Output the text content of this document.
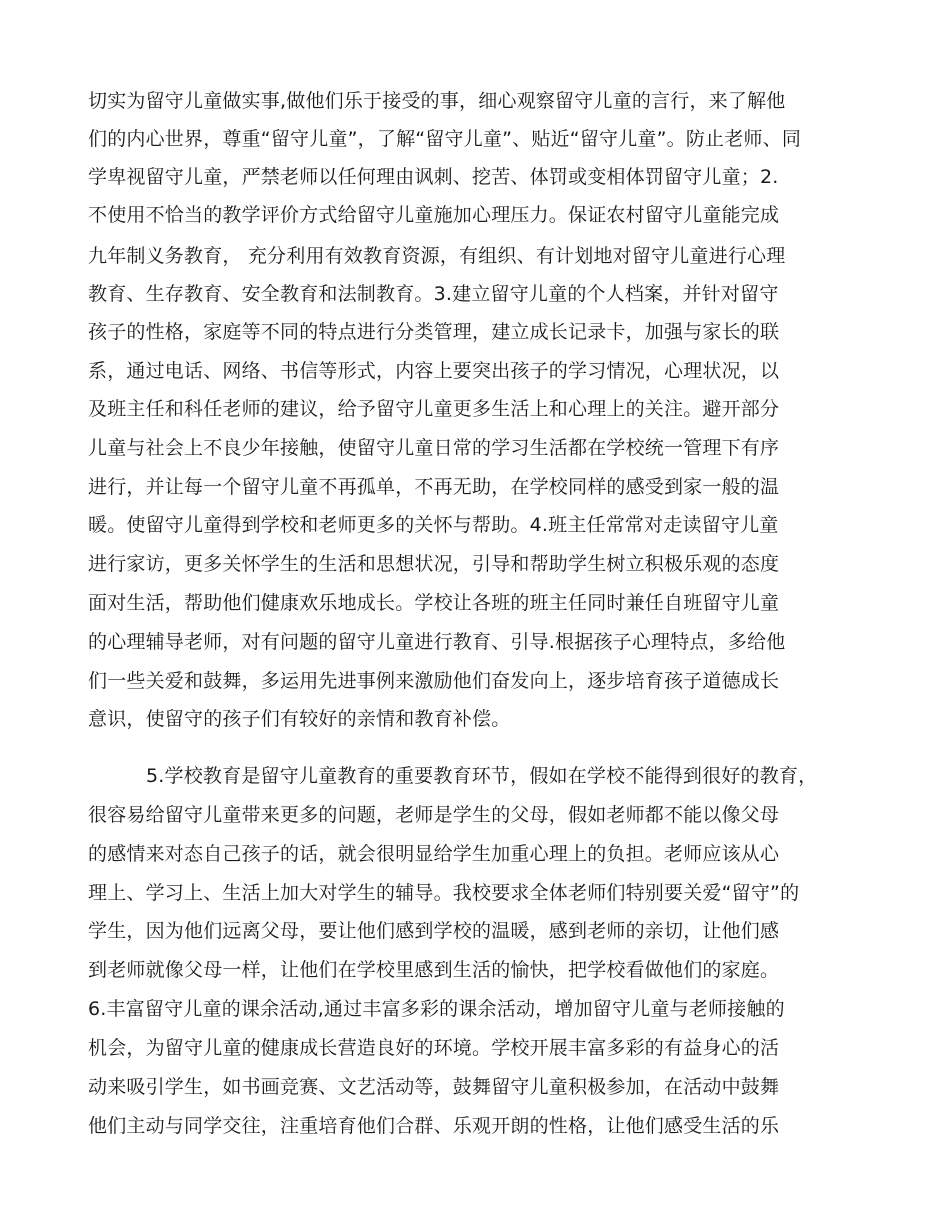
切实为留守儿童做实事,做他们乐于接受的事，细心观察留守儿童的言行，来了解他
们的内心世界，尊重“留守儿童”，了解“留守儿童”、贴近“留守儿童”。防止老师、同
学卑视留守儿童，严禁老师以任何理由讽刺、挖苦、体罚或变相体罚留守儿童；2.
不使用不恰当的教学评价方式给留守儿童施加心理压力。保证农村留守儿童能完成
九年制义务教育， 充分利用有效教育资源，有组织、有计划地对留守儿童进行心理
教育、生存教育、安全教育和法制教育。3.建立留守儿童的个人档案，并针对留守
孩子的性格，家庭等不同的特点进行分类管理，建立成长记录卡，加强与家长的联
系，通过电话、网络、书信等形式，内容上要突出孩子的学习情况，心理状况，以
及班主任和科任老师的建议，给予留守儿童更多生活上和心理上的关注。避开部分
儿童与社会上不良少年接触，使留守儿童日常的学习生活都在学校统一管理下有序
进行，并让每一个留守儿童不再孤单，不再无助，在学校同样的感受到家一般的温
暖。使留守儿童得到学校和老师更多的关怀与帮助。4.班主任常常对走读留守儿童
进行家访，更多关怀学生的生活和思想状况，引导和帮助学生树立积极乐观的态度
面对生活，帮助他们健康欢乐地成长。学校让各班的班主任同时兼任自班留守儿童
的心理辅导老师，对有问题的留守儿童进行教育、引导.根据孩子心理特点，多给他
们一些关爱和鼓舞，多运用先进事例来激励他们奋发向上，逐步培育孩子道德成长
意识，使留守的孩子们有较好的亲情和教育补偿。
5.学校教育是留守儿童教育的重要教育环节，假如在学校不能得到很好的教育，
很容易给留守儿童带来更多的问题，老师是学生的父母，假如老师都不能以像父母
的感情来对态自己孩子的话，就会很明显给学生加重心理上的负担。老师应该从心
理上、学习上、生活上加大对学生的辅导。我校要求全体老师们特别要关爱“留守”的
学生，因为他们远离父母，要让他们感到学校的温暖，感到老师的亲切，让他们感
到老师就像父母一样，让他们在学校里感到生活的愉快，把学校看做他们的家庭。
6.丰富留守儿童的课余活动,通过丰富多彩的课余活动，增加留守儿童与老师接触的
机会，为留守儿童的健康成长营造良好的环境。学校开展丰富多彩的有益身心的活
动来吸引学生，如书画竞赛、文艺活动等，鼓舞留守儿童积极参加，在活动中鼓舞
他们主动与同学交往，注重培育他们合群、乐观开朗的性格，让他们感受生活的乐
